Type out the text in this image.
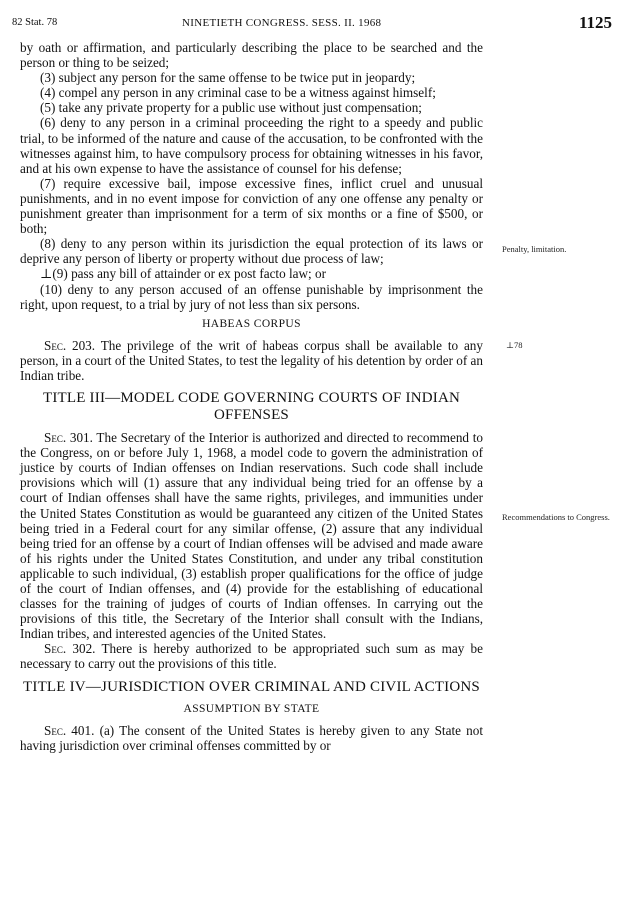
82 Stat. 78	NINETIETH CONGRESS. SESS. II. 1968	1125

by oath or affirmation, and particularly describing the place to be searched and the person or thing to be seized;

(3) subject any person for the same offense to be twice put in jeopardy;

(4) compel any person in any criminal case to be a witness against himself;

(5) take any private property for a public use without just compensation;

(6) deny to any person in a criminal proceeding the right to a speedy and public trial, to be informed of the nature and cause of the accusation, to be confronted with the witnesses against him, to have compulsory process for obtaining witnesses in his favor, and at his own expense to have the assistance of counsel for his defense;

(7) require excessive bail, impose excessive fines, inflict cruel and unusual punishments, and in no event impose for conviction of any one offense any penalty or punishment greater than imprisonment for a term of six months or a fine of $500, or both;

(8) deny to any person within its jurisdiction the equal protection of its laws or deprive any person of liberty or property without due process of law;

⊥(9) pass any bill of attainder or ex post facto law; or

(10) deny to any person accused of an offense punishable by imprisonment the right, upon request, to a trial by jury of not less than six persons.

HABEAS CORPUS

Sec. 203. The privilege of the writ of habeas corpus shall be available to any person, in a court of the United States, to test the legality of his detention by order of an Indian tribe.

TITLE III—MODEL CODE GOVERNING COURTS OF INDIAN OFFENSES

Sec. 301. The Secretary of the Interior is authorized and directed to recommend to the Congress, on or before July 1, 1968, a model code to govern the administration of justice by courts of Indian offenses on Indian reservations. Such code shall include provisions which will (1) assure that any individual being tried for an offense by a court of Indian offenses shall have the same rights, privileges, and immunities under the United States Constitution as would be guaranteed any citizen of the United States being tried in a Federal court for any similar offense, (2) assure that any individual being tried for an offense by a court of Indian offenses will be advised and made aware of his rights under the United States Constitution, and under any tribal constitution applicable to such individual, (3) establish proper qualifications for the office of judge of the court of Indian offenses, and (4) provide for the establishing of educational classes for the training of judges of courts of Indian offenses. In carrying out the provisions of this title, the Secretary of the Interior shall consult with the Indians, Indian tribes, and interested agencies of the United States.

Sec. 302. There is hereby authorized to be appropriated such sum as may be necessary to carry out the provisions of this title.

TITLE IV—JURISDICTION OVER CRIMINAL AND CIVIL ACTIONS

ASSUMPTION BY STATE

Sec. 401. (a) The consent of the United States is hereby given to any State not having jurisdiction over criminal offenses committed by or

Penalty, limitation.
⊥78
Recommendations to Congress.
